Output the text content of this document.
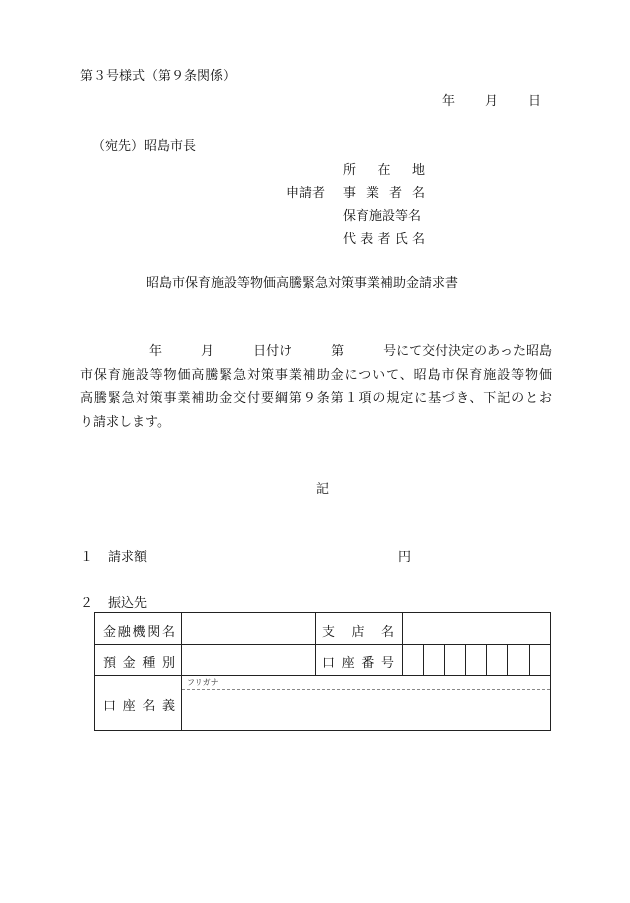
第３号様式（第９条関係）
年 月 日
（宛先）昭島市長
申請者
所 在 地
事 業 者 名
保育施設等名
代 表 者 氏 名
昭島市保育施設等物価高騰緊急対策事業補助金請求書
年	月	日付け	第	号にて交付決定のあった昭島
市保育施設等物価高騰緊急対策事業補助金について、昭島市保育施設等物価
高騰緊急対策事業補助金交付要綱第９条第１項の規定に基づき、下記のとお
り請求します。
記
１ 請求額	円
２ 振込先
金 融 機 関 名	支 店 名
預 金 種 別	口 座 番 号
口 座 名 義
フリガナ
